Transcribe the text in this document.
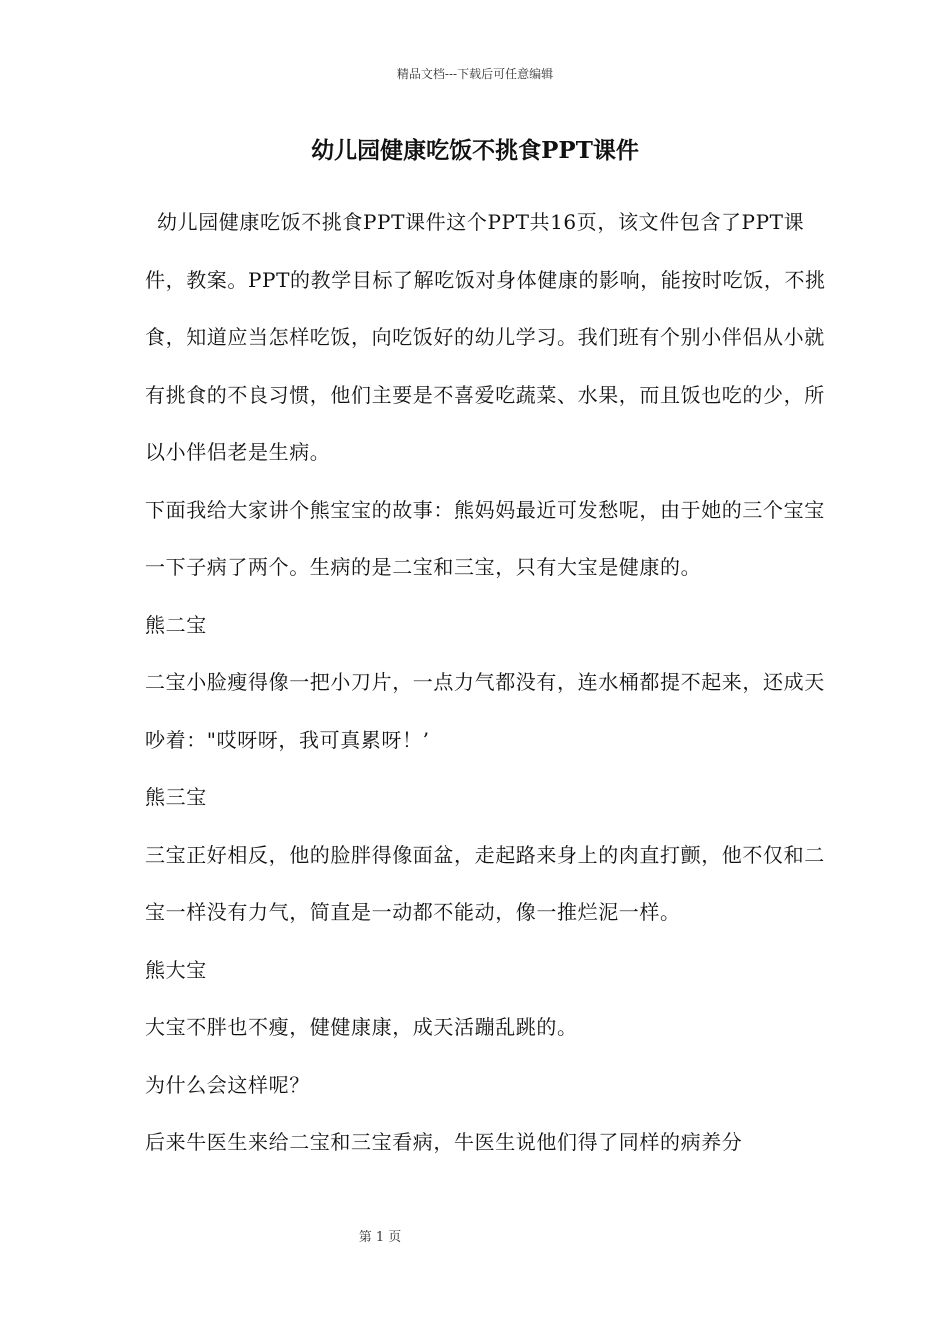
精品文档---下载后可任意编辑
幼儿园健康吃饭不挑食PPT课件

幼儿园健康吃饭不挑食PPT课件这个PPT共16页，该文件包含了PPT课件，教案。PPT的教学目标了解吃饭对身体健康的影响，能按时吃饭，不挑食，知道应当怎样吃饭，向吃饭好的幼儿学习。我们班有个别小伴侣从小就有挑食的不良习惯，他们主要是不喜爱吃蔬菜、水果，而且饭也吃的少，所以小伴侣老是生病。

下面我给大家讲个熊宝宝的故事：熊妈妈最近可发愁呢，由于她的三个宝宝一下子病了两个。生病的是二宝和三宝，只有大宝是健康的。

熊二宝

二宝小脸瘦得像一把小刀片，一点力气都没有，连水桶都提不起来，还成天吵着："哎呀呀，我可真累呀！’

熊三宝

三宝正好相反，他的脸胖得像面盆，走起路来身上的肉直打颤，他不仅和二宝一样没有力气，简直是一动都不能动，像一推烂泥一样。

熊大宝

大宝不胖也不瘦，健健康康，成天活蹦乱跳的。

为什么会这样呢？

后来牛医生来给二宝和三宝看病，牛医生说他们得了同样的病养分

第 1 页
